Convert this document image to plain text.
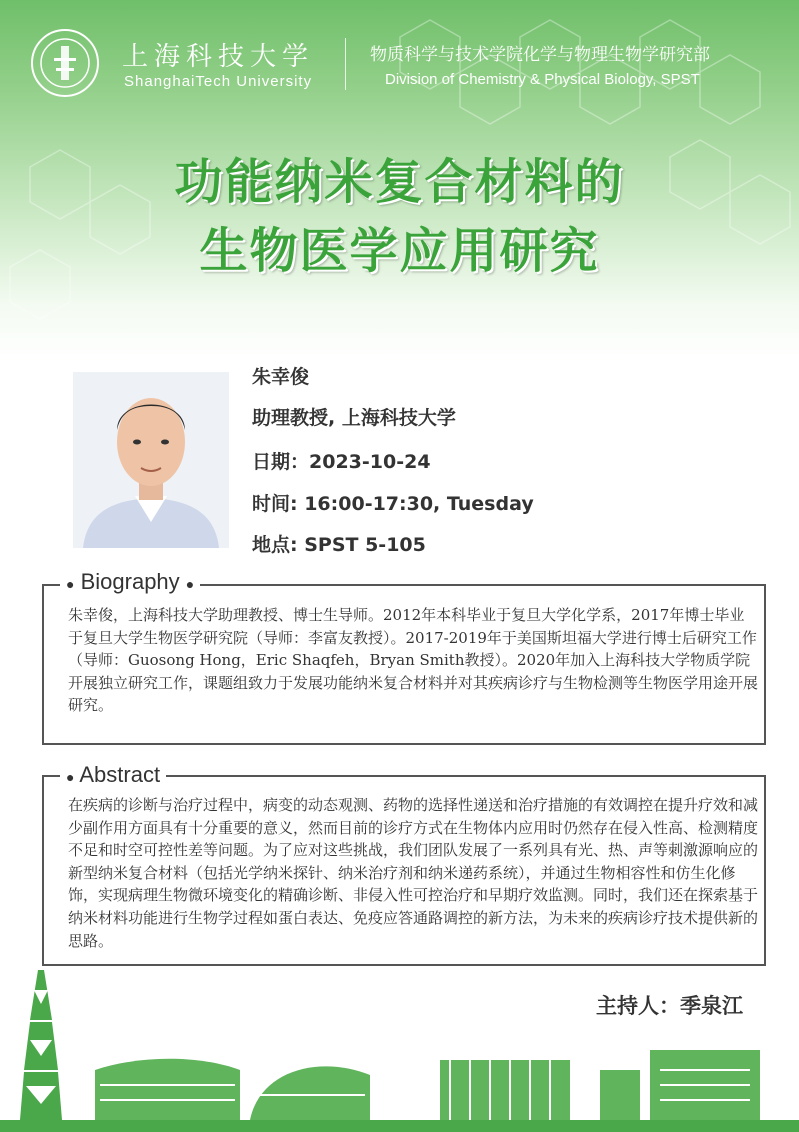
上海科技大学
ShanghaiTech University
物质科学与技术学院化学与物理生物学研究部
Division of Chemistry & Physical Biology, SPST
功能纳米复合材料的
生物医学应用研究
朱幸俊
助理教授, 上海科技大学
日期：2023-10-24
时间: 16:00-17:30, Tuesday
地点: SPST 5-105
● Biography ●
朱幸俊，上海科技大学助理教授、博士生导师。2012年本科毕业于复旦大学化学系，2017年博士毕业于复旦大学生物医学研究院（导师：李富友教授）。2017-2019年于美国斯坦福大学进行博士后研究工作（导师：Guosong Hong，Eric Shaqfeh，Bryan Smith教授）。2020年加入上海科技大学物质学院开展独立研究工作，课题组致力于发展功能纳米复合材料并对其疾病诊疗与生物检测等生物医学用途开展研究。
● Abstract
在疾病的诊断与治疗过程中，病变的动态观测、药物的选择性递送和治疗措施的有效调控在提升疗效和减少副作用方面具有十分重要的意义，然而目前的诊疗方式在生物体内应用时仍然存在侵入性高、检测精度不足和时空可控性差等问题。为了应对这些挑战，我们团队发展了一系列具有光、热、声等刺激源响应的新型纳米复合材料（包括光学纳米探针、纳米治疗剂和纳米递药系统），并通过生物相容性和仿生化修饰，实现病理生物微环境变化的精确诊断、非侵入性可控治疗和早期疗效监测。同时，我们还在探索基于纳米材料功能进行生物学过程如蛋白表达、免疫应答通路调控的新方法，为未来的疾病诊疗技术提供新的思路。
主持人：季泉江
